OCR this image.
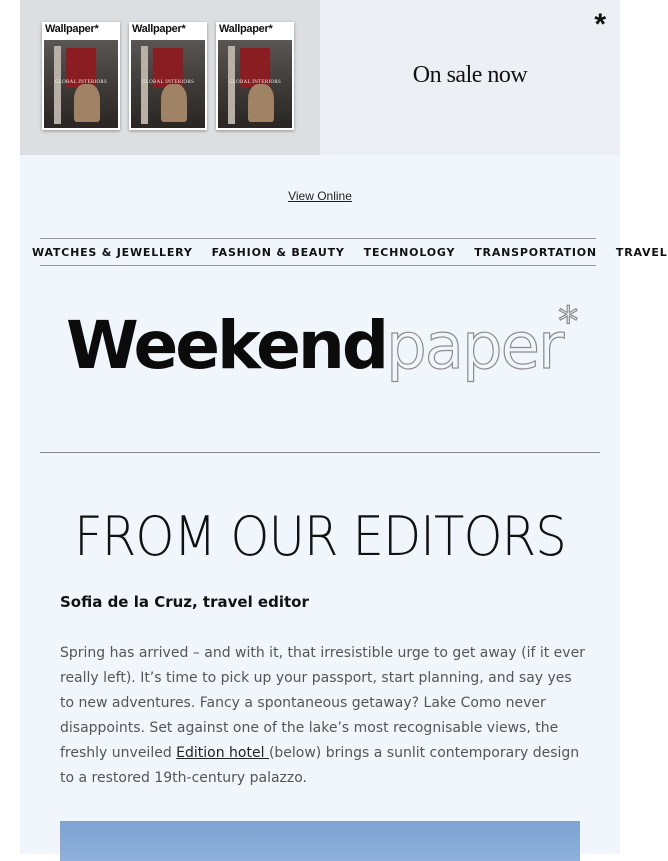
Wallpaper*
GLOBAL INTERIORS
Wallpaper*
GLOBAL INTERIORS
Wallpaper*
GLOBAL INTERIORS
*
On sale now
View Online
WATCHES & JEWELLERY FASHION & BEAUTY TECHNOLOGY TRANSPORTATION TRAVEL
Weekendpaper
*
FROM OUR EDITORS
Sofia de la Cruz, travel editor
Spring has arrived – and with it, that irresistible urge to get away (if it ever really left). It’s time to pick up your passport, start planning, and say yes to new adventures. Fancy a spontaneous getaway? Lake Como never disappoints. Set against one of the lake’s most recognisable views, the freshly unveiled Edition hotel (below) brings a sunlit contemporary design to a restored 19th-century palazzo.
